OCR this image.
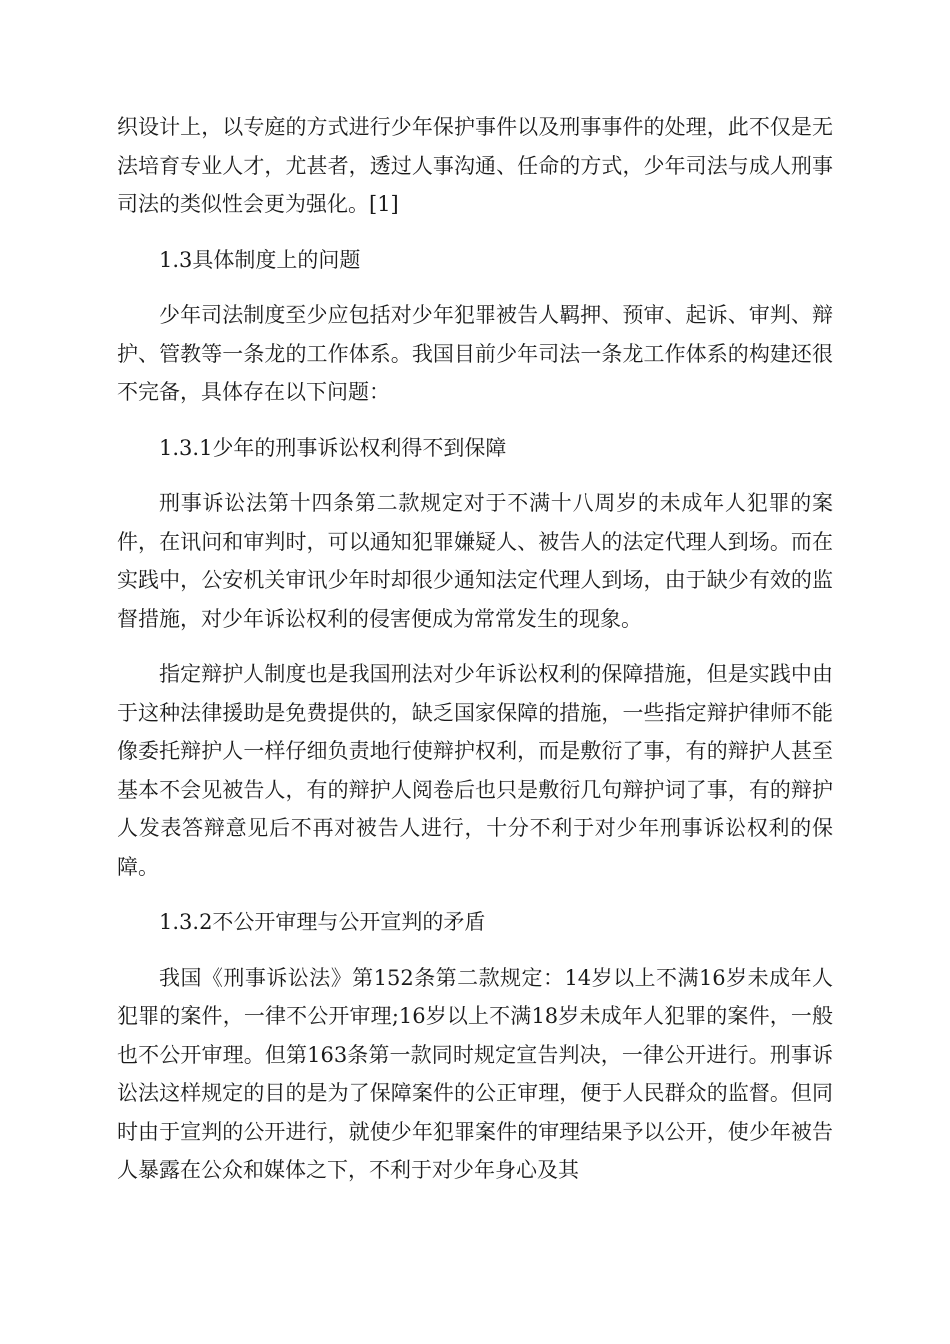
织设计上，以专庭的方式进行少年保护事件以及刑事事件的处理，此不仅是无法培育专业人才，尤甚者，透过人事沟通、任命的方式，少年司法与成人刑事司法的类似性会更为强化。[1]

1.3具体制度上的问题

少年司法制度至少应包括对少年犯罪被告人羁押、预审、起诉、审判、辩护、管教等一条龙的工作体系。我国目前少年司法一条龙工作体系的构建还很不完备，具体存在以下问题：

1.3.1少年的刑事诉讼权利得不到保障

刑事诉讼法第十四条第二款规定对于不满十八周岁的未成年人犯罪的案件，在讯问和审判时，可以通知犯罪嫌疑人、被告人的法定代理人到场。而在实践中，公安机关审讯少年时却很少通知法定代理人到场，由于缺少有效的监督措施，对少年诉讼权利的侵害便成为常常发生的现象。

指定辩护人制度也是我国刑法对少年诉讼权利的保障措施，但是实践中由于这种法律援助是免费提供的，缺乏国家保障的措施，一些指定辩护律师不能像委托辩护人一样仔细负责地行使辩护权利，而是敷衍了事，有的辩护人甚至基本不会见被告人，有的辩护人阅卷后也只是敷衍几句辩护词了事，有的辩护人发表答辩意见后不再对被告人进行，十分不利于对少年刑事诉讼权利的保障。

1.3.2不公开审理与公开宣判的矛盾

我国《刑事诉讼法》第152条第二款规定：14岁以上不满16岁未成年人犯罪的案件，一律不公开审理;16岁以上不满18岁未成年人犯罪的案件，一般也不公开审理。但第163条第一款同时规定宣告判决，一律公开进行。刑事诉讼法这样规定的目的是为了保障案件的公正审理，便于人民群众的监督。但同时由于宣判的公开进行，就使少年犯罪案件的审理结果予以公开，使少年被告人暴露在公众和媒体之下，不利于对少年身心及其
